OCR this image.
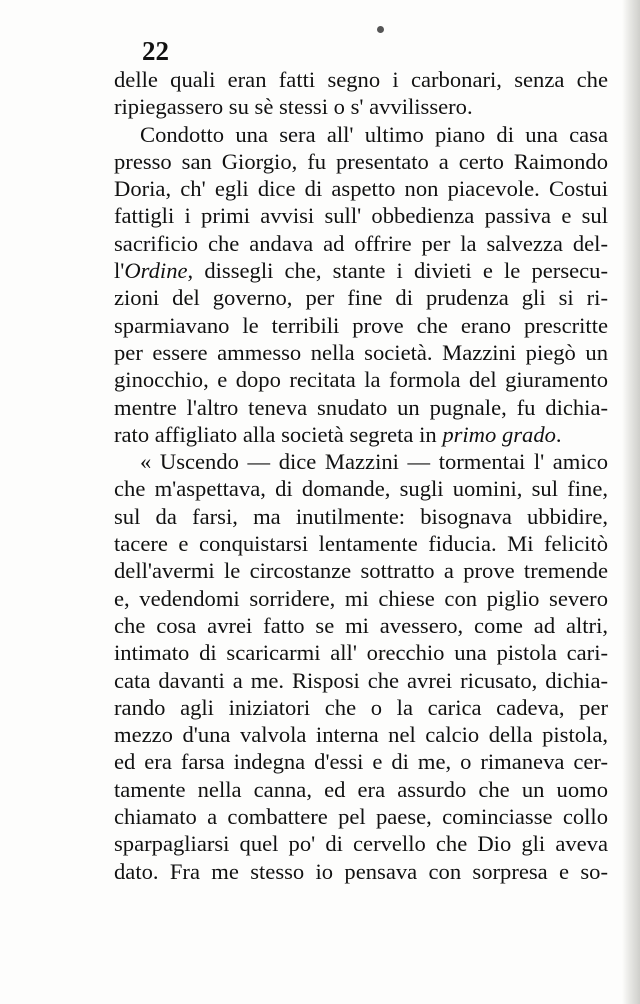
22
delle quali eran fatti segno i carbonari, senza che
ripiegassero su sè stessi o s' avvilissero.
Condotto una sera all' ultimo piano di una casa
presso san Giorgio, fu presentato a certo Raimondo
Doria, ch' egli dice di aspetto non piacevole. Costui
fattigli i primi avvisi sull' obbedienza passiva e sul
sacrificio che andava ad offrire per la salvezza del-
l'Ordine, dissegli che, stante i divieti e le persecu-
zioni del governo, per fine di prudenza gli si ri-
sparmiavano le terribili prove che erano prescritte
per essere ammesso nella società. Mazzini piegò un
ginocchio, e dopo recitata la formola del giuramento
mentre l'altro teneva snudato un pugnale, fu dichia-
rato affigliato alla società segreta in primo grado.
« Uscendo — dice Mazzini — tormentai l' amico
che m'aspettava, di domande, sugli uomini, sul fine,
sul da farsi, ma inutilmente: bisognava ubbidire,
tacere e conquistarsi lentamente fiducia. Mi felicitò
dell'avermi le circostanze sottratto a prove tremende
e, vedendomi sorridere, mi chiese con piglio severo
che cosa avrei fatto se mi avessero, come ad altri,
intimato di scaricarmi all' orecchio una pistola cari-
cata davanti a me. Risposi che avrei ricusato, dichia-
rando agli iniziatori che o la carica cadeva, per
mezzo d'una valvola interna nel calcio della pistola,
ed era farsa indegna d'essi e di me, o rimaneva cer-
tamente nella canna, ed era assurdo che un uomo
chiamato a combattere pel paese, cominciasse collo
sparpagliarsi quel po' di cervello che Dio gli aveva
dato. Fra me stesso io pensava con sorpresa e so-
